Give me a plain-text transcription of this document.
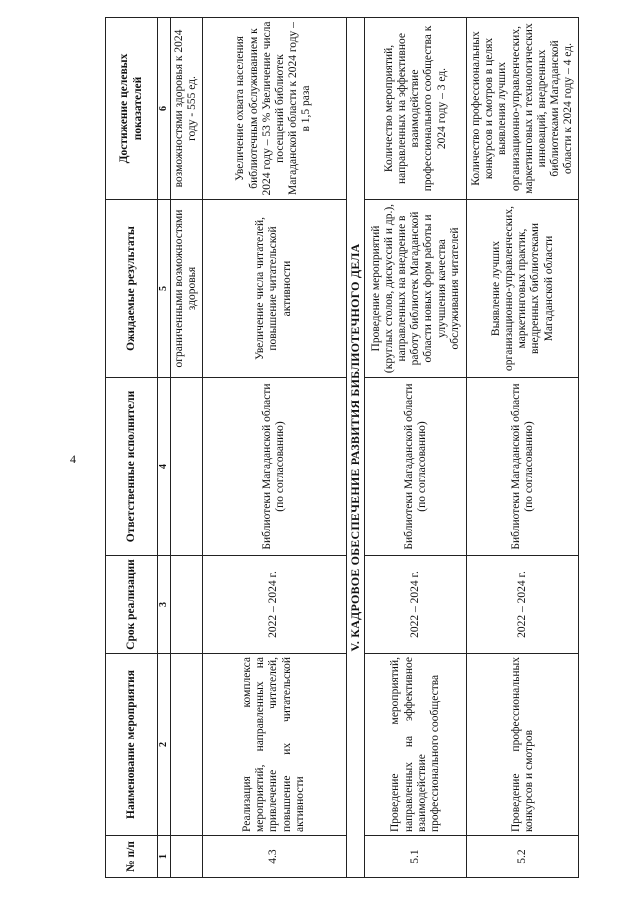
4
№ п/п	Наименование мероприятия	Срок реализации	Ответственные исполнители	Ожидаемые результаты	Достижение целевых показателей
1	2	3	4	5	6
				ограниченными возможностями здоровья	возможностями здоровья к 2024 году - 555 ед.
4.3	Реализация комплекса мероприятий, направленных на привлечение читателей, повышение их читательской активности	2022 – 2024 г.	Библиотеки Магаданской области (по согласованию)	Увеличение числа читателей, повышение читательской активности	Увеличение охвата населения библиотечным обслуживанием к 2024 году – 53 % Увеличение числа посещений библиотек Магаданской области к 2024 году – в 1,5 раза
V. КАДРОВОЕ ОБЕСПЕЧЕНИЕ РАЗВИТИЯ БИБЛИОТЕЧНОГО ДЕЛА					
5.1	Проведение мероприятий, направленных на эффективное взаимодействие профессионального сообщества	2022 – 2024 г.	Библиотеки Магаданской области (по согласованию)	Проведение мероприятий (круглых столов, дискуссий и др.), направленных на внедрение в работу библиотек Магаданской области новых форм работы и улучшения качества обслуживания читателей	Количество мероприятий, направленных на эффективное взаимодействие профессионального сообщества к 2024 году – 3 ед.
5.2	Проведение профессиональных конкурсов и смотров	2022 – 2024 г.	Библиотеки Магаданской области (по согласованию)	Выявление лучших организационно-управленческих, маркетинговых практик, внедренных библиотеками Магаданской области	Количество профессиональных конкурсов и смотров в целях выявления лучших организационно-управленческих, маркетинговых и технологических инноваций, внедренных библиотеками Магаданской области к 2024 году – 4 ед.
